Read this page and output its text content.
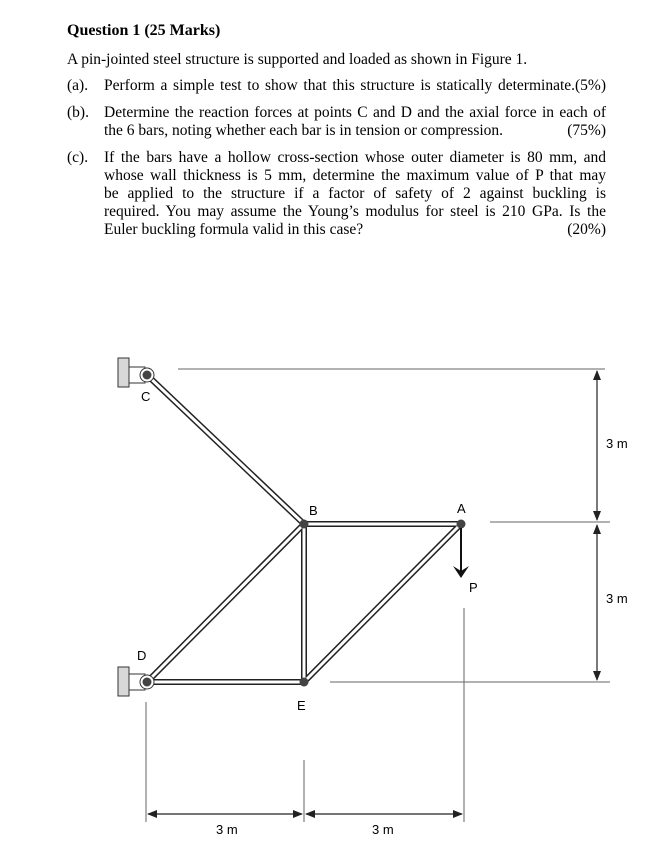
Question 1 (25 Marks)
A pin-jointed steel structure is supported and loaded as shown in Figure 1.
(a). Perform a simple test to show that this structure is statically determinate.(5%)
(b). Determine the reaction forces at points C and D and the axial force in each of
the 6 bars, noting whether each bar is in tension or compression.	(75%)
(c). If the bars have a hollow cross-section whose outer diameter is 80 mm, and
whose wall thickness is 5 mm, determine the maximum value of P that may
be applied to the structure if a factor of safety of 2 against buckling is
required. You may assume the Young’s modulus for steel is 210 GPa. Is the
Euler buckling formula valid in this case?	(20%)
C
B	A
D
E
P
3 m
3 m
3 m	3 m
